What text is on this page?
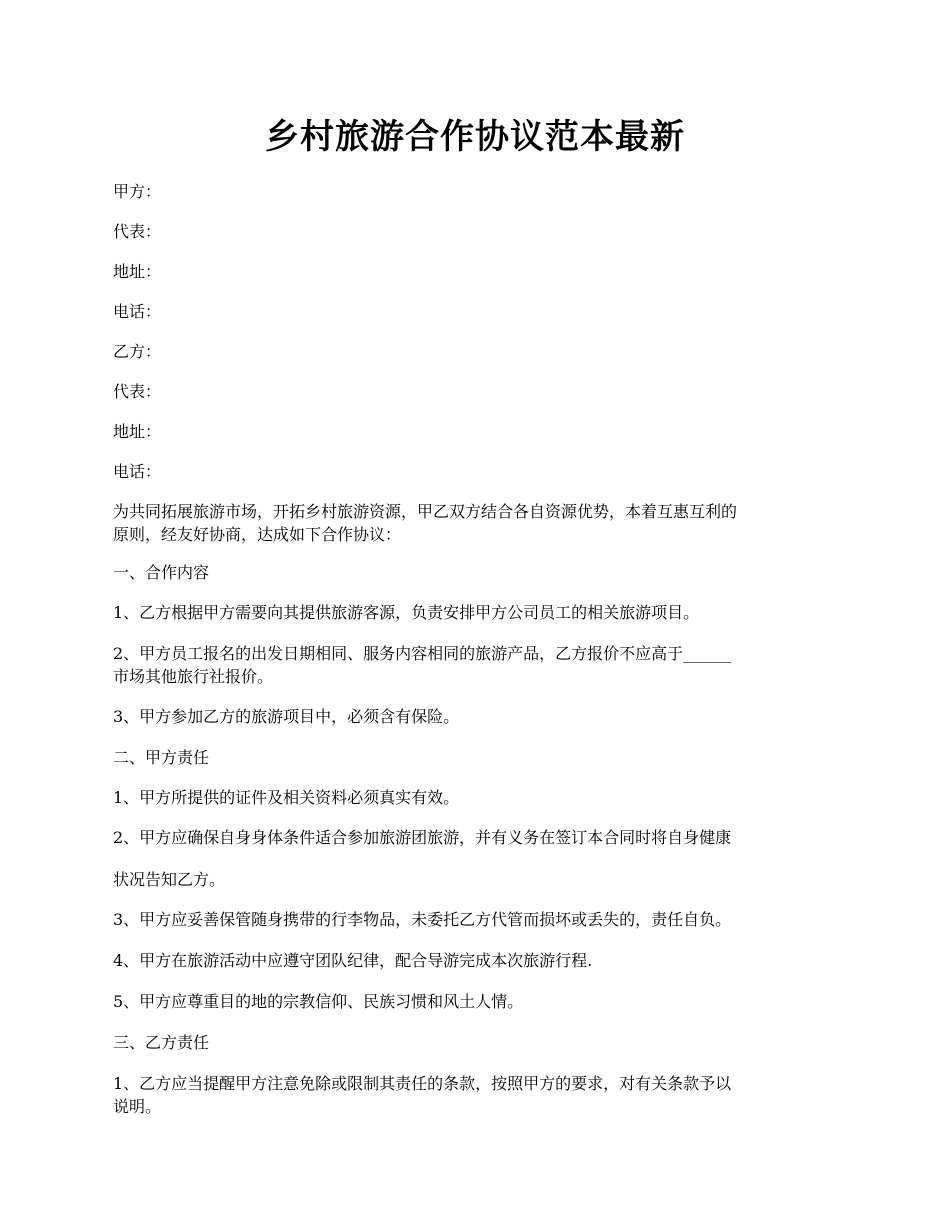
乡村旅游合作协议范本最新
甲方：
代表：
地址：
电话：
乙方：
代表：
地址：
电话：
为共同拓展旅游市场，开拓乡村旅游资源，甲乙双方结合各自资源优势，本着互惠互利的
原则，经友好协商，达成如下合作协议：
一、合作内容
1、乙方根据甲方需要向其提供旅游客源，负责安排甲方公司员工的相关旅游项目。
2、甲方员工报名的出发日期相同、服务内容相同的旅游产品，乙方报价不应高于______
市场其他旅行社报价。
3、甲方参加乙方的旅游项目中，必须含有保险。
二、甲方责任
1、甲方所提供的证件及相关资料必须真实有效。
2、甲方应确保自身身体条件适合参加旅游团旅游，并有义务在签订本合同时将自身健康
状况告知乙方。
3、甲方应妥善保管随身携带的行李物品，未委托乙方代管而损坏或丢失的，责任自负。
4、甲方在旅游活动中应遵守团队纪律，配合导游完成本次旅游行程.
5、甲方应尊重目的地的宗教信仰、民族习惯和风土人情。
三、乙方责任
1、乙方应当提醒甲方注意免除或限制其责任的条款，按照甲方的要求，对有关条款予以
说明。
